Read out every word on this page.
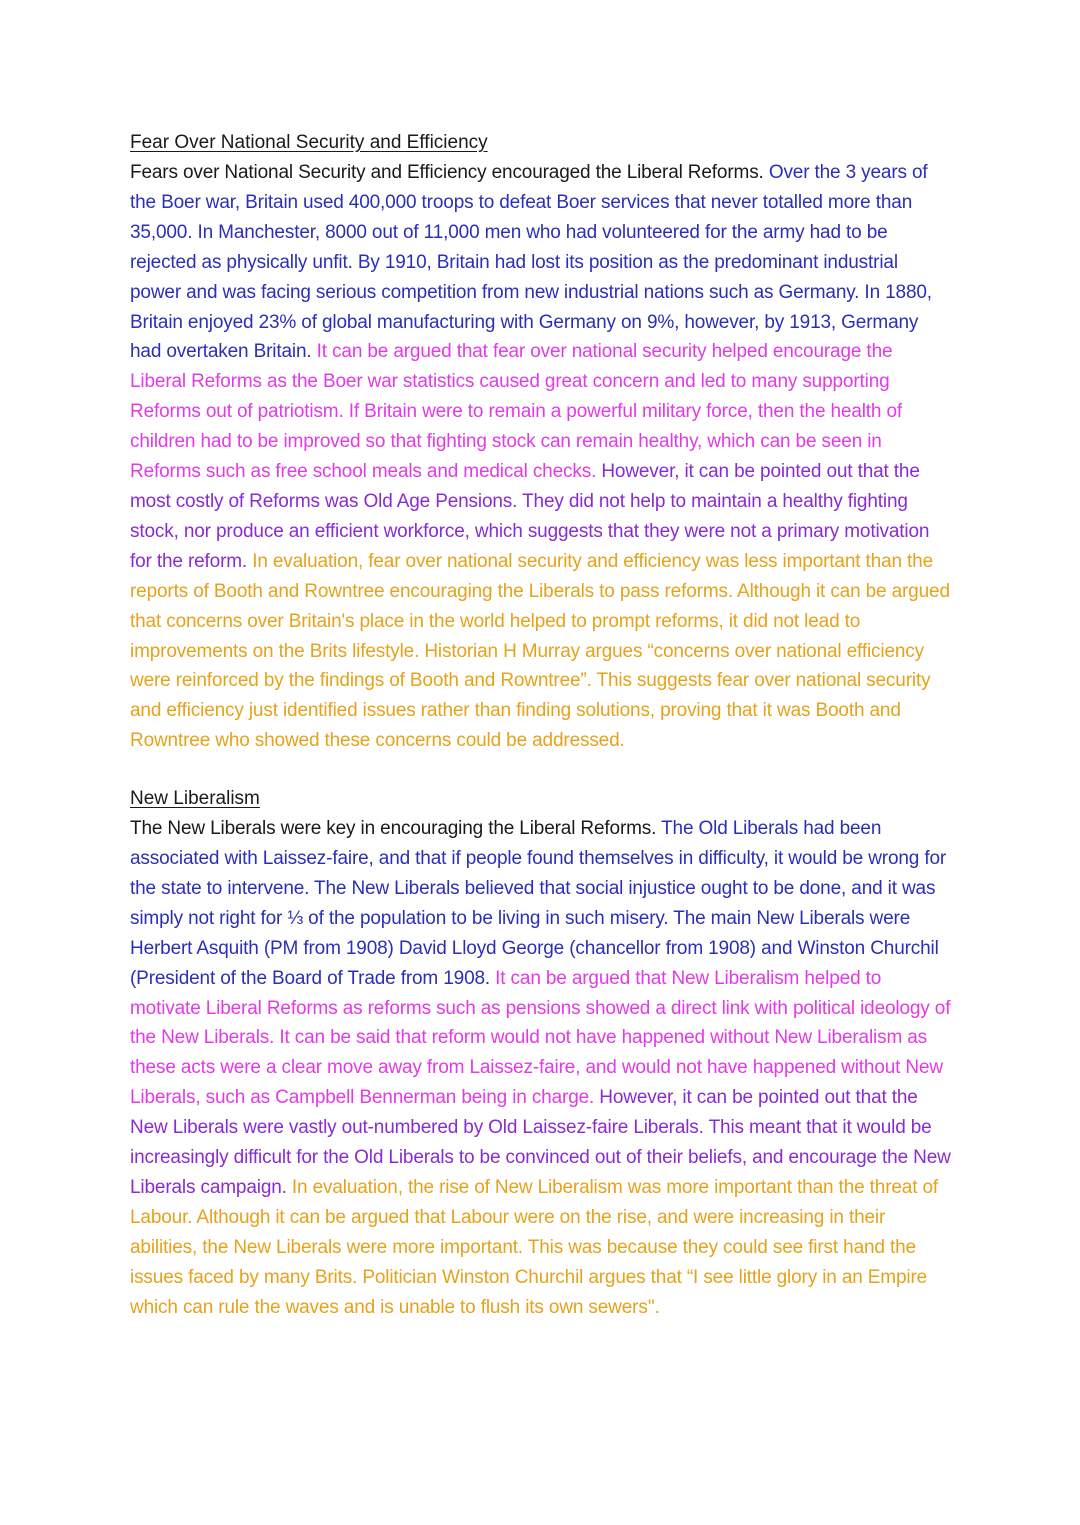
Fear Over National Security and Efficiency

Fears over National Security and Efficiency encouraged the Liberal Reforms. Over the 3 years of the Boer war, Britain used 400,000 troops to defeat Boer services that never totalled more than 35,000. In Manchester, 8000 out of 11,000 men who had volunteered for the army had to be rejected as physically unfit. By 1910, Britain had lost its position as the predominant industrial power and was facing serious competition from new industrial nations such as Germany. In 1880, Britain enjoyed 23% of global manufacturing with Germany on 9%, however, by 1913, Germany had overtaken Britain. It can be argued that fear over national security helped encourage the Liberal Reforms as the Boer war statistics caused great concern and led to many supporting Reforms out of patriotism. If Britain were to remain a powerful military force, then the health of children had to be improved so that fighting stock can remain healthy, which can be seen in Reforms such as free school meals and medical checks. However, it can be pointed out that the most costly of Reforms was Old Age Pensions. They did not help to maintain a healthy fighting stock, nor produce an efficient workforce, which suggests that they were not a primary motivation for the reform. In evaluation, fear over national security and efficiency was less important than the reports of Booth and Rowntree encouraging the Liberals to pass reforms. Although it can be argued that concerns over Britain's place in the world helped to prompt reforms, it did not lead to improvements on the Brits lifestyle. Historian H Murray argues “concerns over national efficiency were reinforced by the findings of Booth and Rowntree”. This suggests fear over national security and efficiency just identified issues rather than finding solutions, proving that it was Booth and Rowntree who showed these concerns could be addressed.

New Liberalism

The New Liberals were key in encouraging the Liberal Reforms. The Old Liberals had been associated with Laissez-faire, and that if people found themselves in difficulty, it would be wrong for the state to intervene. The New Liberals believed that social injustice ought to be done, and it was simply not right for ⅓ of the population to be living in such misery. The main New Liberals were Herbert Asquith (PM from 1908) David Lloyd George (chancellor from 1908) and Winston Churchil (President of the Board of Trade from 1908. It can be argued that New Liberalism helped to motivate Liberal Reforms as reforms such as pensions showed a direct link with political ideology of the New Liberals. It can be said that reform would not have happened without New Liberalism as these acts were a clear move away from Laissez-faire, and would not have happened without New Liberals, such as Campbell Bennerman being in charge. However, it can be pointed out that the New Liberals were vastly out-numbered by Old Laissez-faire Liberals. This meant that it would be increasingly difficult for the Old Liberals to be convinced out of their beliefs, and encourage the New Liberals campaign. In evaluation, the rise of New Liberalism was more important than the threat of Labour. Although it can be argued that Labour were on the rise, and were increasing in their abilities, the New Liberals were more important. This was because they could see first hand the issues faced by many Brits. Politician Winston Churchil argues that “I see little glory in an Empire which can rule the waves and is unable to flush its own sewers''.
